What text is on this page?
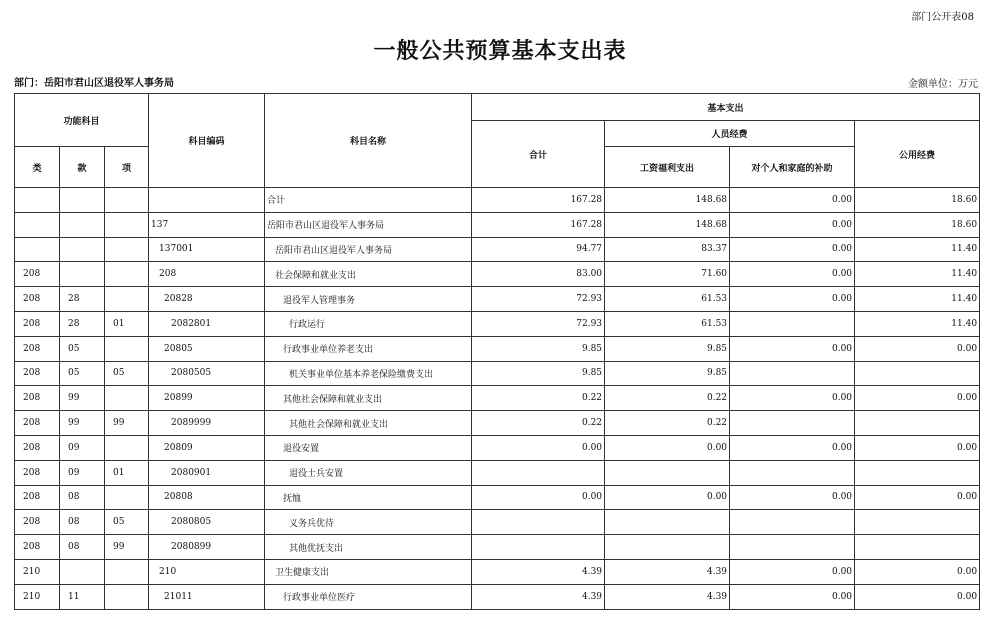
部门公开表08
一般公共预算基本支出表
部门：岳阳市君山区退役军人事务局	金额单位：万元
功能科目			科目编码	科目名称	基本支出			
					合计	人员经费		公用经费
类	款	项				工资福利支出	对个人和家庭的补助	
				合计	167.28	148.68	0.00	18.60
			137	岳阳市君山区退役军人事务局	167.28	148.68	0.00	18.60
			137001	岳阳市君山区退役军人事务局	94.77	83.37	0.00	11.40
208			208	社会保障和就业支出	83.00	71.60	0.00	11.40
208	28		20828	退役军人管理事务	72.93	61.53	0.00	11.40
208	28	01	2082801	行政运行	72.93	61.53		11.40
208	05		20805	行政事业单位养老支出	9.85	9.85	0.00	0.00
208	05	05	2080505	机关事业单位基本养老保险缴费支出	9.85	9.85		
208	99		20899	其他社会保障和就业支出	0.22	0.22	0.00	0.00
208	99	99	2089999	其他社会保障和就业支出	0.22	0.22		
208	09		20809	退役安置	0.00	0.00	0.00	0.00
208	09	01	2080901	退役士兵安置				
208	08		20808	抚恤	0.00	0.00	0.00	0.00
208	08	05	2080805	义务兵优待				
208	08	99	2080899	其他优抚支出				
210			210	卫生健康支出	4.39	4.39	0.00	0.00
210	11		21011	行政事业单位医疗	4.39	4.39	0.00	0.00
